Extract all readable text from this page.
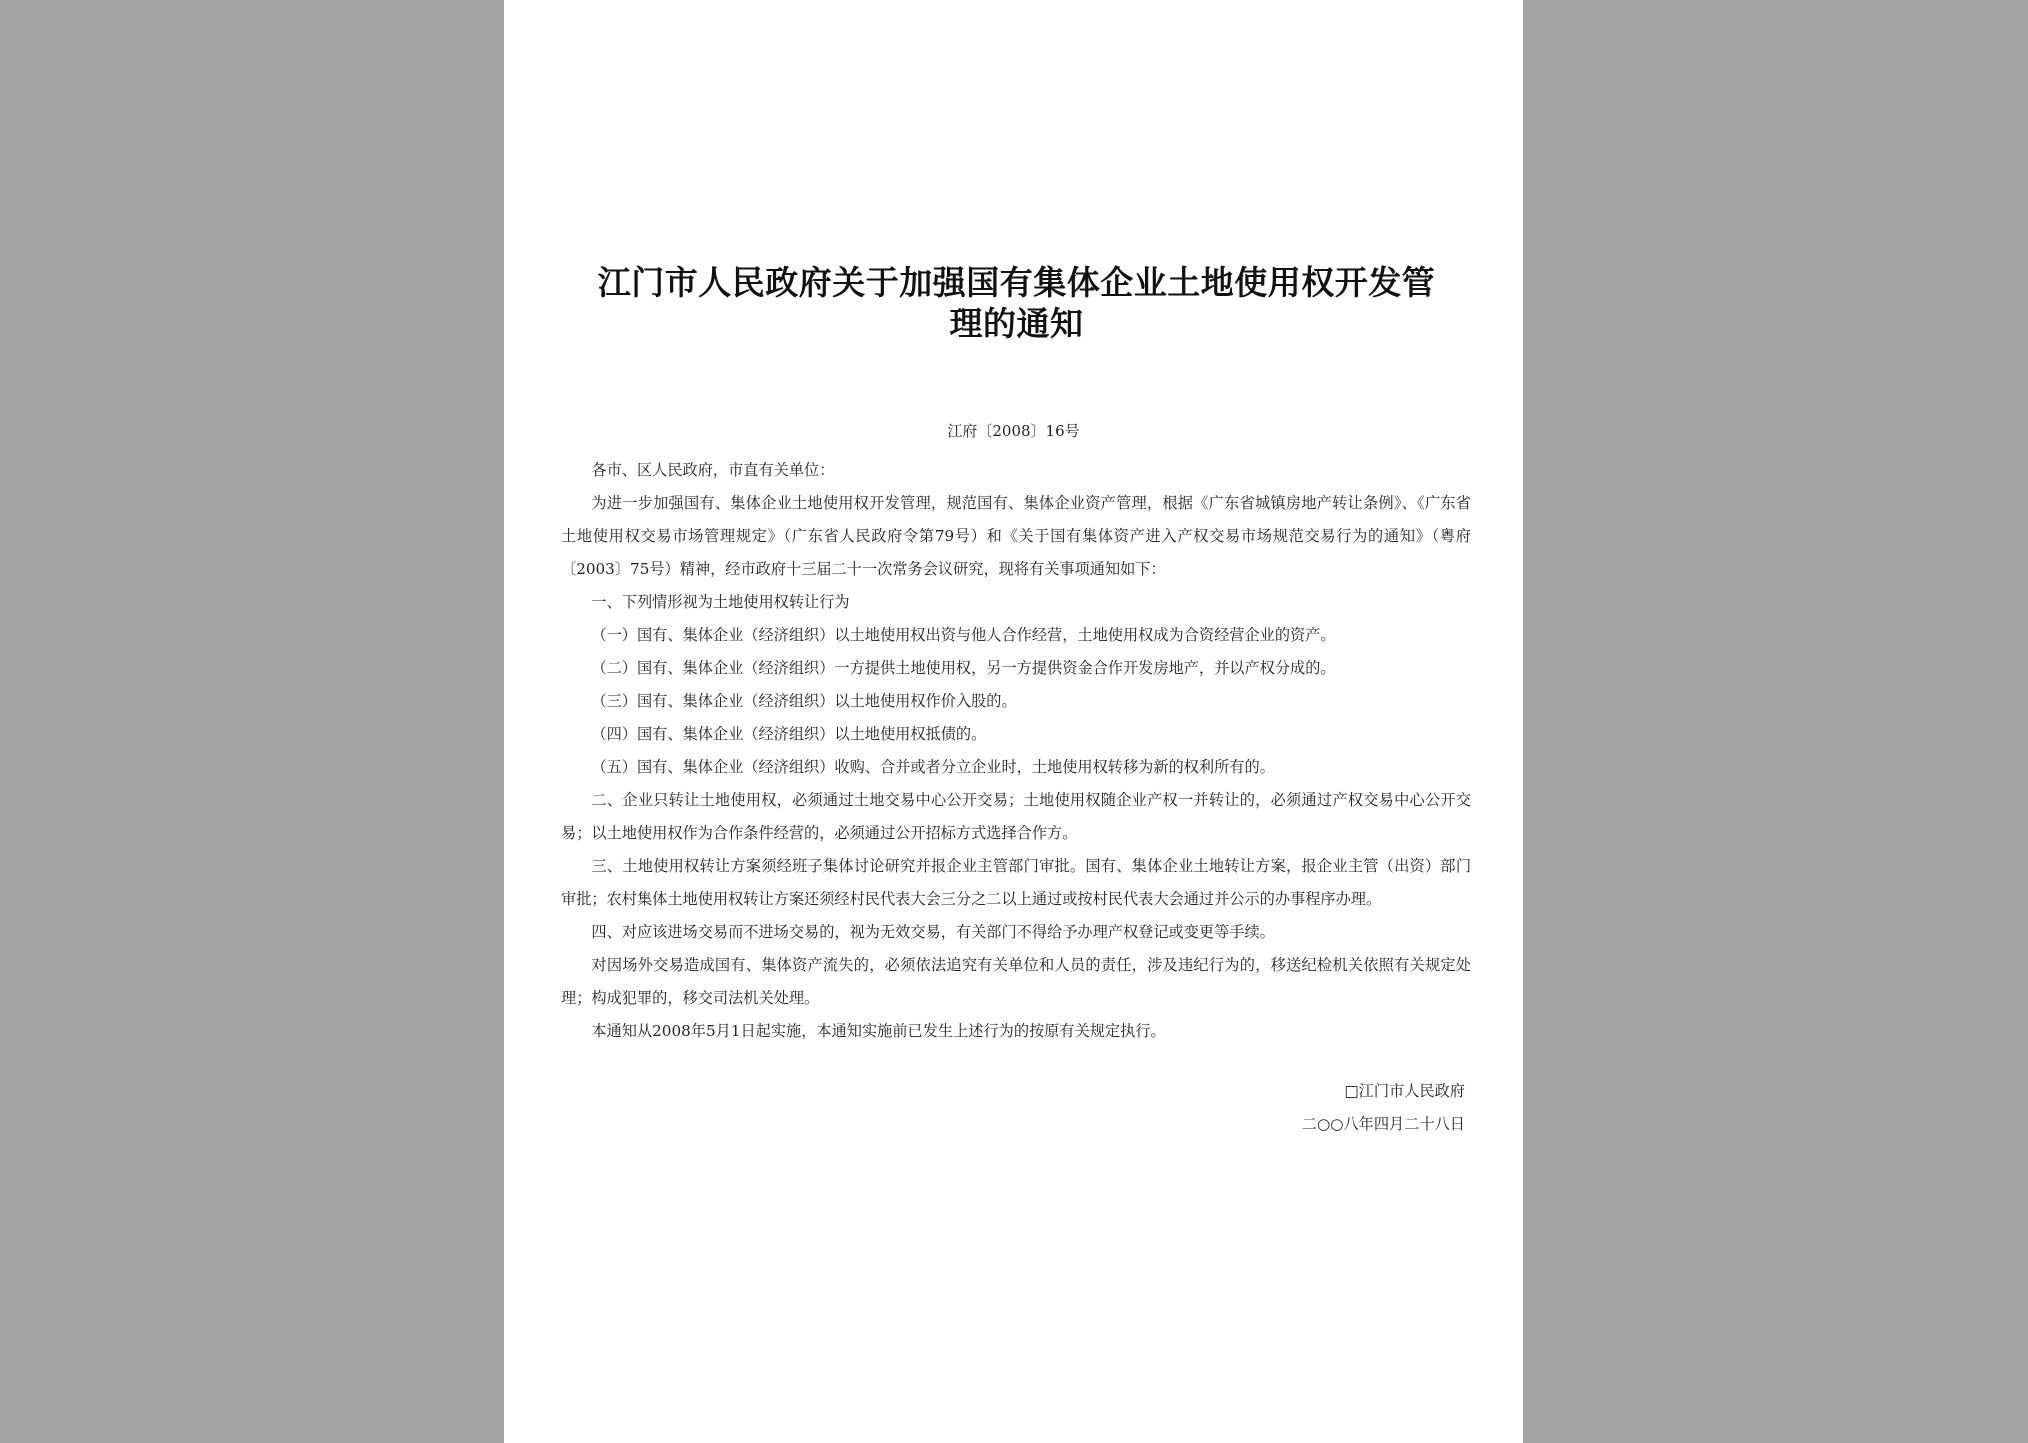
江门市人民政府关于加强国有集体企业土地使用权开发管理的通知

江府〔2008〕16号

各市、区人民政府，市直有关单位：

为进一步加强国有、集体企业土地使用权开发管理，规范国有、集体企业资产管理，根据《广东省城镇房地产转让条例》、《广东省土地使用权交易市场管理规定》（广东省人民政府令第79号）和《关于国有集体资产进入产权交易市场规范交易行为的通知》（粤府〔2003〕75号）精神，经市政府十三届二十一次常务会议研究，现将有关事项通知如下：

一、下列情形视为土地使用权转让行为

（一）国有、集体企业（经济组织）以土地使用权出资与他人合作经营，土地使用权成为合资经营企业的资产。

（二）国有、集体企业（经济组织）一方提供土地使用权，另一方提供资金合作开发房地产，并以产权分成的。

（三）国有、集体企业（经济组织）以土地使用权作价入股的。

（四）国有、集体企业（经济组织）以土地使用权抵债的。

（五）国有、集体企业（经济组织）收购、合并或者分立企业时，土地使用权转移为新的权利所有的。

二、企业只转让土地使用权，必须通过土地交易中心公开交易；土地使用权随企业产权一并转让的，必须通过产权交易中心公开交易；以土地使用权作为合作条件经营的，必须通过公开招标方式选择合作方。

三、土地使用权转让方案须经班子集体讨论研究并报企业主管部门审批。国有、集体企业土地转让方案，报企业主管（出资）部门审批；农村集体土地使用权转让方案还须经村民代表大会三分之二以上通过或按村民代表大会通过并公示的办事程序办理。

四、对应该进场交易而不进场交易的，视为无效交易，有关部门不得给予办理产权登记或变更等手续。

对因场外交易造成国有、集体资产流失的，必须依法追究有关单位和人员的责任，涉及违纪行为的，移送纪检机关依照有关规定处理；构成犯罪的，移交司法机关处理。

本通知从2008年5月1日起实施，本通知实施前已发生上述行为的按原有关规定执行。

□江门市人民政府

二○○八年四月二十八日
